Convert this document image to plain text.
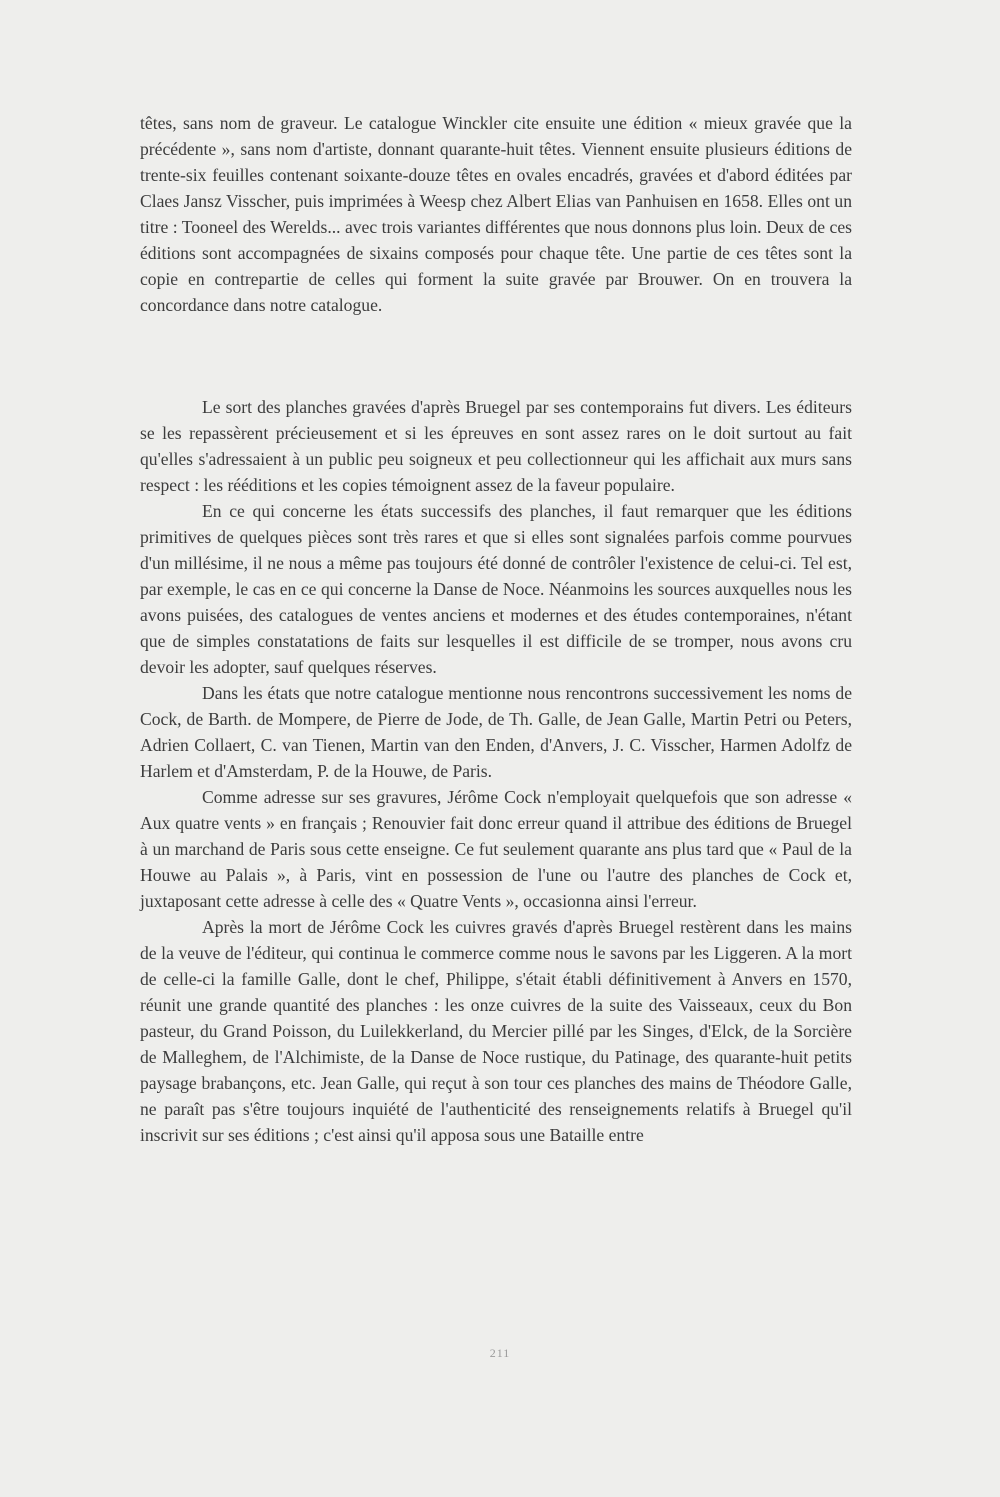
têtes, sans nom de graveur. Le catalogue Winckler cite ensuite une édition « mieux gravée que la précédente », sans nom d'artiste, donnant quarante-huit têtes. Viennent ensuite plusieurs éditions de trente-six feuilles contenant soixante-douze têtes en ovales encadrés, gravées et d'abord éditées par Claes Jansz Visscher, puis imprimées à Weesp chez Albert Elias van Panhuisen en 1658. Elles ont un titre : Tooneel des Werelds... avec trois variantes différentes que nous donnons plus loin. Deux de ces éditions sont accompagnées de sixains composés pour chaque tête. Une partie de ces têtes sont la copie en contrepartie de celles qui forment la suite gravée par Brouwer. On en trouvera la concordance dans notre catalogue.

Le sort des planches gravées d'après Bruegel par ses contemporains fut divers. Les éditeurs se les repassèrent précieusement et si les épreuves en sont assez rares on le doit surtout au fait qu'elles s'adressaient à un public peu soigneux et peu collectionneur qui les affichait aux murs sans respect : les rééditions et les copies témoignent assez de la faveur populaire.

En ce qui concerne les états successifs des planches, il faut remarquer que les éditions primitives de quelques pièces sont très rares et que si elles sont signalées parfois comme pourvues d'un millésime, il ne nous a même pas toujours été donné de contrôler l'existence de celui-ci. Tel est, par exemple, le cas en ce qui concerne la Danse de Noce. Néanmoins les sources auxquelles nous les avons puisées, des catalogues de ventes anciens et modernes et des études contemporaines, n'étant que de simples constatations de faits sur lesquelles il est difficile de se tromper, nous avons cru devoir les adopter, sauf quelques réserves.

Dans les états que notre catalogue mentionne nous rencontrons successivement les noms de Cock, de Barth. de Mompere, de Pierre de Jode, de Th. Galle, de Jean Galle, Martin Petri ou Peters, Adrien Collaert, C. van Tienen, Martin van den Enden, d'Anvers, J. C. Visscher, Harmen Adolfz de Harlem et d'Amsterdam, P. de la Houwe, de Paris.

Comme adresse sur ses gravures, Jérôme Cock n'employait quelquefois que son adresse « Aux quatre vents » en français ; Renouvier fait donc erreur quand il attribue des éditions de Bruegel à un marchand de Paris sous cette enseigne. Ce fut seulement quarante ans plus tard que « Paul de la Houwe au Palais », à Paris, vint en possession de l'une ou l'autre des planches de Cock et, juxtaposant cette adresse à celle des « Quatre Vents », occasionna ainsi l'erreur.

Après la mort de Jérôme Cock les cuivres gravés d'après Bruegel restèrent dans les mains de la veuve de l'éditeur, qui continua le commerce comme nous le savons par les Liggeren. A la mort de celle-ci la famille Galle, dont le chef, Philippe, s'était établi définitivement à Anvers en 1570, réunit une grande quantité des planches : les onze cuivres de la suite des Vaisseaux, ceux du Bon pasteur, du Grand Poisson, du Luilekkerland, du Mercier pillé par les Singes, d'Elck, de la Sorcière de Malleghem, de l'Alchimiste, de la Danse de Noce rustique, du Patinage, des quarante-huit petits paysage brabançons, etc. Jean Galle, qui reçut à son tour ces planches des mains de Théodore Galle, ne paraît pas s'être toujours inquiété de l'authenticité des renseignements relatifs à Bruegel qu'il inscrivit sur ses éditions ; c'est ainsi qu'il apposa sous une Bataille entre

211
